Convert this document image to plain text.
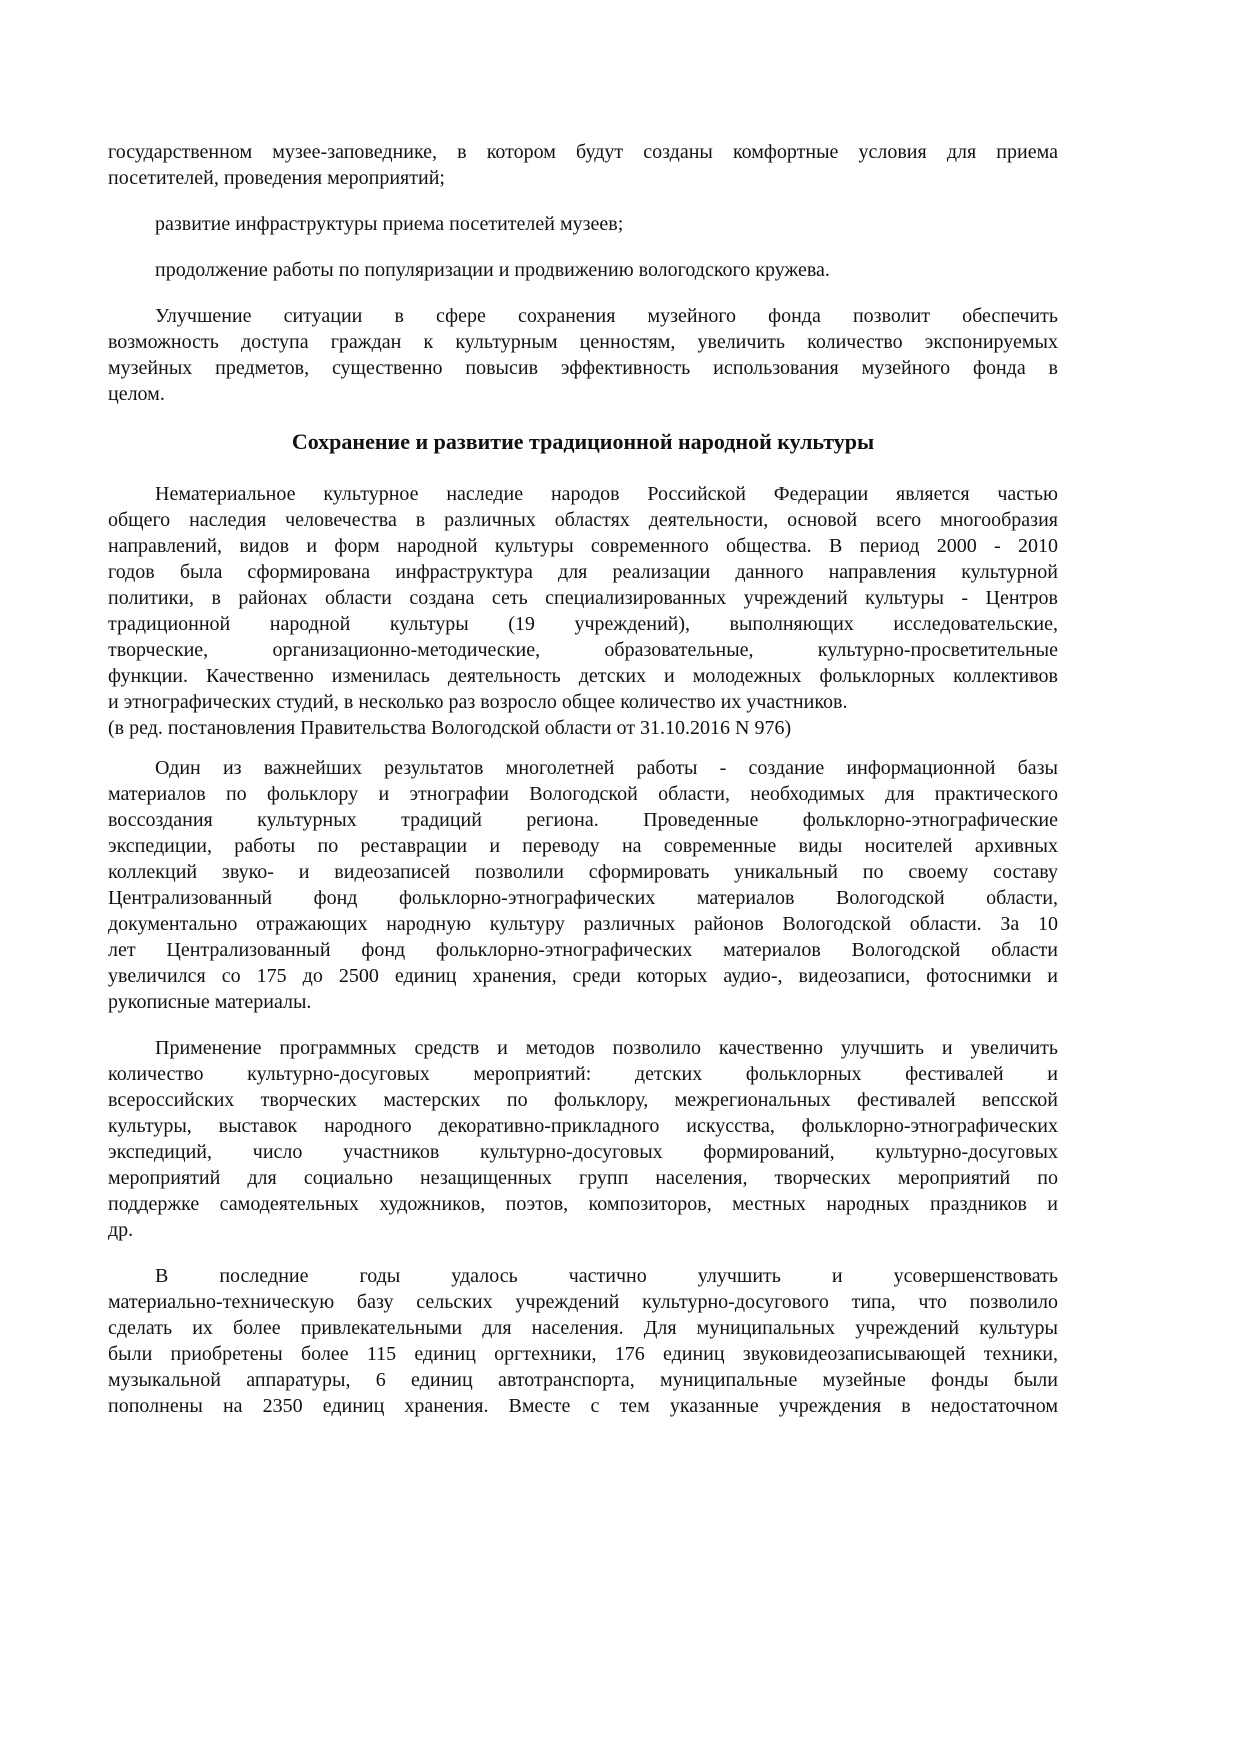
государственном музее-заповеднике, в котором будут созданы комфортные условия для приема
посетителей, проведения мероприятий;
развитие инфраструктуры приема посетителей музеев;
продолжение работы по популяризации и продвижению вологодского кружева.
Улучшение ситуации в сфере сохранения музейного фонда позволит обеспечить
возможность доступа граждан к культурным ценностям, увеличить количество экспонируемых
музейных предметов, существенно повысив эффективность использования музейного фонда в
целом.
Сохранение и развитие традиционной народной культуры
Нематериальное культурное наследие народов Российской Федерации является частью
общего наследия человечества в различных областях деятельности, основой всего многообразия
направлений, видов и форм народной культуры современного общества. В период 2000 - 2010
годов была сформирована инфраструктура для реализации данного направления культурной
политики, в районах области создана сеть специализированных учреждений культуры - Центров
традиционной народной культуры (19 учреждений), выполняющих исследовательские,
творческие, организационно-методические, образовательные, культурно-просветительные
функции. Качественно изменилась деятельность детских и молодежных фольклорных коллективов
и этнографических студий, в несколько раз возросло общее количество их участников.
(в ред. постановления Правительства Вологодской области от 31.10.2016 N 976)
Один из важнейших результатов многолетней работы - создание информационной базы
материалов по фольклору и этнографии Вологодской области, необходимых для практического
воссоздания культурных традиций региона. Проведенные фольклорно-этнографические
экспедиции, работы по реставрации и переводу на современные виды носителей архивных
коллекций звуко- и видеозаписей позволили сформировать уникальный по своему составу
Централизованный фонд фольклорно-этнографических материалов Вологодской области,
документально отражающих народную культуру различных районов Вологодской области. За 10
лет Централизованный фонд фольклорно-этнографических материалов Вологодской области
увеличился со 175 до 2500 единиц хранения, среди которых аудио-, видеозаписи, фотоснимки и
рукописные материалы.
Применение программных средств и методов позволило качественно улучшить и увеличить
количество культурно-досуговых мероприятий: детских фольклорных фестивалей и
всероссийских творческих мастерских по фольклору, межрегиональных фестивалей вепсской
культуры, выставок народного декоративно-прикладного искусства, фольклорно-этнографических
экспедиций, число участников культурно-досуговых формирований, культурно-досуговых
мероприятий для социально незащищенных групп населения, творческих мероприятий по
поддержке самодеятельных художников, поэтов, композиторов, местных народных праздников и
др.
В последние годы удалось частично улучшить и усовершенствовать
материально-техническую базу сельских учреждений культурно-досугового типа, что позволило
сделать их более привлекательными для населения. Для муниципальных учреждений культуры
были приобретены более 115 единиц оргтехники, 176 единиц звуковидеозаписывающей техники,
музыкальной аппаратуры, 6 единиц автотранспорта, муниципальные музейные фонды были
пополнены на 2350 единиц хранения. Вместе с тем указанные учреждения в недостаточном
